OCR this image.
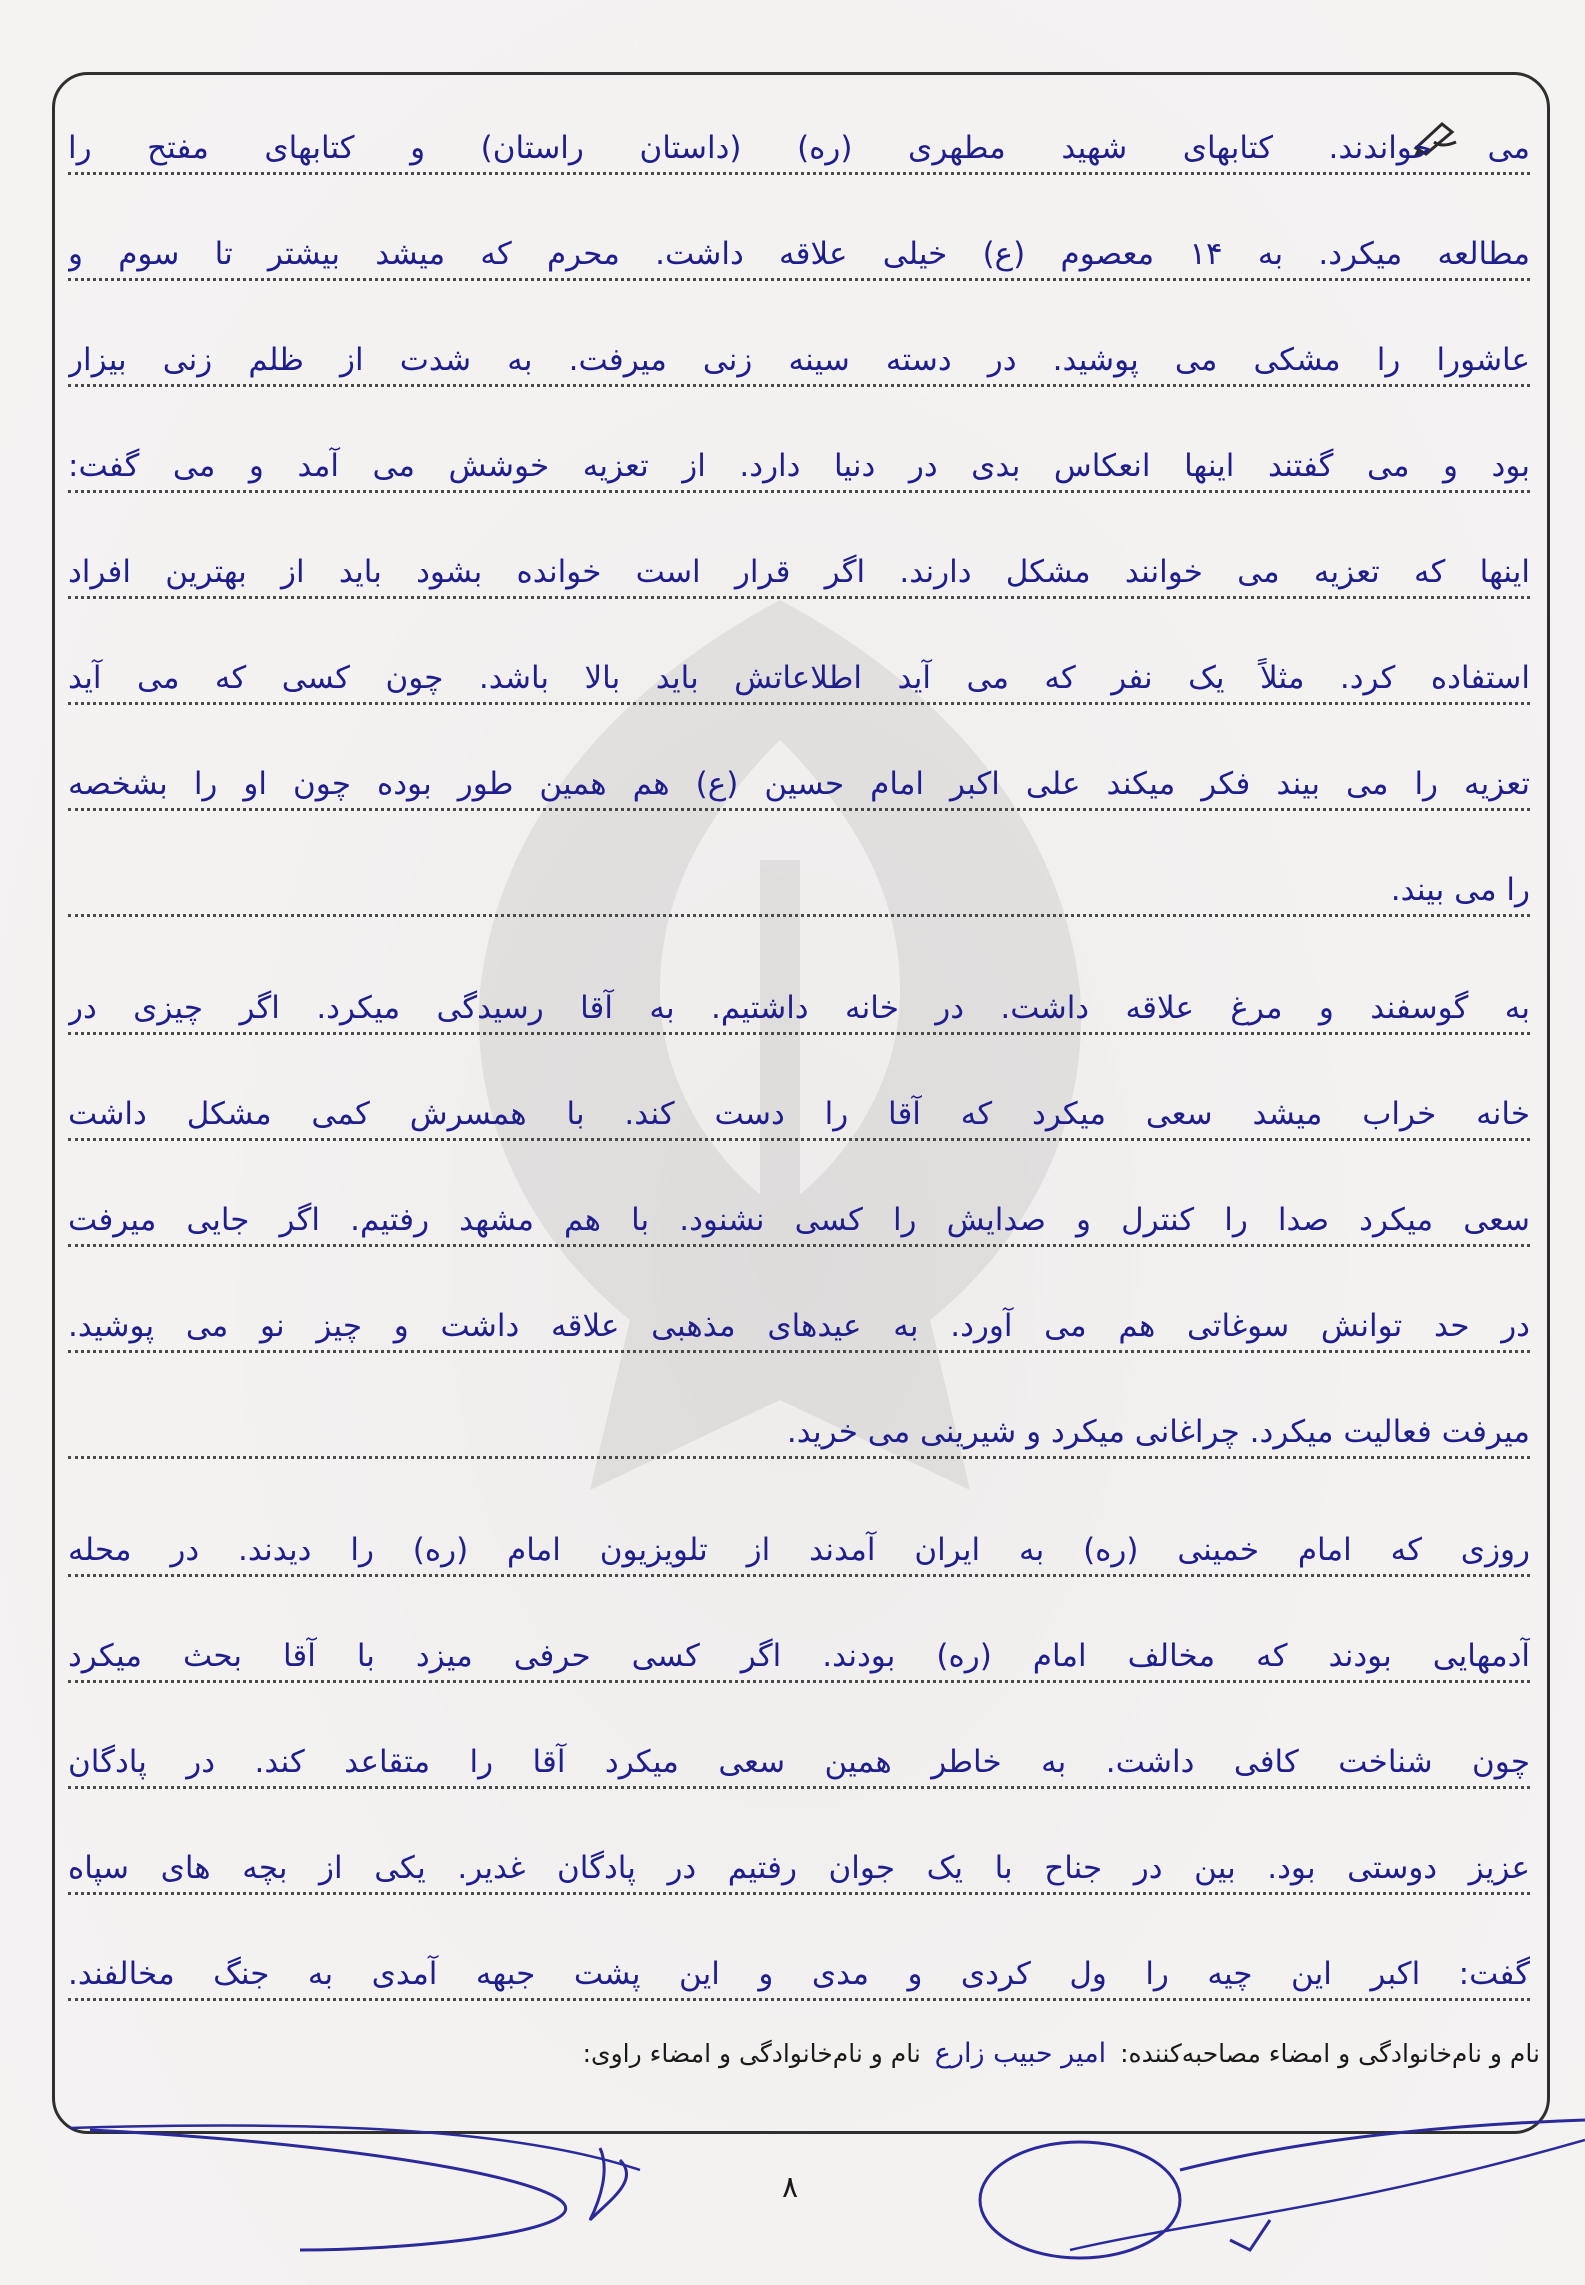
می خواندند. کتابهای شهید مطهری (ره) (داستان راستان) و کتابهای مفتح را
مطالعه میکرد. به ۱۴ معصوم (ع) خیلی علاقه داشت. محرم که میشد بیشتر تا سوم و
عاشورا را مشکی می پوشید. در دسته سینه زنی میرفت. به شدت از ظلم زنی بیزار
بود و می گفتند اینها انعکاس بدی در دنیا دارد. از تعزیه خوشش می آمد و می گفت:
اینها که تعزیه می خوانند مشکل دارند. اگر قرار است خوانده بشود باید از بهترین افراد
استفاده کرد. مثلاً یک نفر که می آید اطلاعاتش باید بالا باشد. چون کسی که می آید
تعزیه را می بیند فکر میکند علی اکبر امام حسین (ع) هم همین طور بوده چون او را بشخصه
را می بیند.
به گوسفند و مرغ علاقه داشت. در خانه داشتیم. به آقا رسیدگی میکرد. اگر چیزی در
خانه خراب میشد سعی میکرد که آقا را دست کند. با همسرش کمی مشکل داشت
سعی میکرد صدا را کنترل و صدایش را کسی نشنود. با هم مشهد رفتیم. اگر جایی میرفت
در حد توانش سوغاتی هم می آورد. به عیدهای مذهبی علاقه داشت و چیز نو می پوشید.
میرفت فعالیت میکرد. چراغانی میکرد و شیرینی می خرید.
روزی که امام خمینی (ره) به ایران آمدند از تلویزیون امام (ره) را دیدند. در محله
آدمهایی بودند که مخالف امام (ره) بودند. اگر کسی حرفی میزد با آقا بحث میکرد
چون شناخت کافی داشت. به خاطر همین سعی میکرد آقا را متقاعد کند. در پادگان
عزیز دوستی بود. بین در جناح با یک جوان رفتیم در پادگان غدیر. یکی از بچه های سپاه
گفت: اکبر این چیه را ول کردی و مدی و این پشت جبهه آمدی به جنگ مخالفند.
نام و نام‌خانوادگی و امضاء مصاحبه‌کننده: امیر حبیب زارع نام و نام‌خانوادگی و امضاء راوی:
۸
